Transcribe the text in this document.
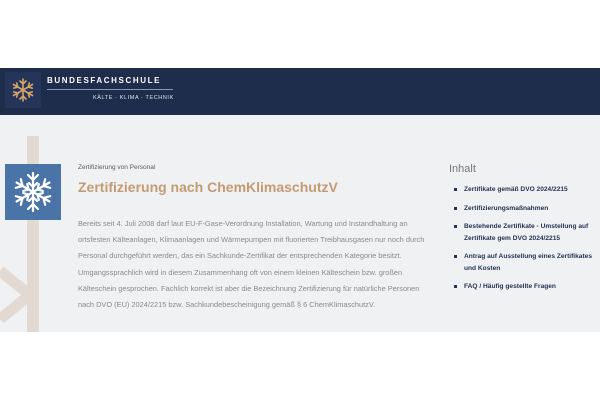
BUNDESFACHSCHULE
KÄLTE · KLIMA · TECHNIK
Zertifizierung von Personal
Zertifizierung nach ChemKlimaschutzV

Bereits seit 4. Juli 2008 darf laut EU-F-Gase-Verordnung Installation, Wartung und Instandhaltung an ortsfesten Kälteanlagen, Klimaanlagen und Wärmepumpen mit fluorierten Treibhausgasen nur noch durch Personal durchgeführt werden, das ein Sachkunde-Zertifikat der entsprechenden Kategorie besitzt. Umgangssprachlich wird in diesem Zusammenhang oft von einem kleinen Kälteschein bzw. großen Kälteschein gesprochen. Fachlich korrekt ist aber die Bezeichnung Zertifizierung für natürliche Personen nach DVO (EU) 2024/2215 bzw. Sachkundebescheinigung gemäß § 6 ChemKlimaschutzV.

Inhalt
Zertifikate gemäß DVO 2024/2215
Zertifizierungsmaßnahmen
Bestehende Zertifikate - Umstellung auf Zertifikate gem DVO 2024/2215
Antrag auf Ausstellung eines Zertifikates und Kosten
FAQ / Häufig gestellte Fragen
